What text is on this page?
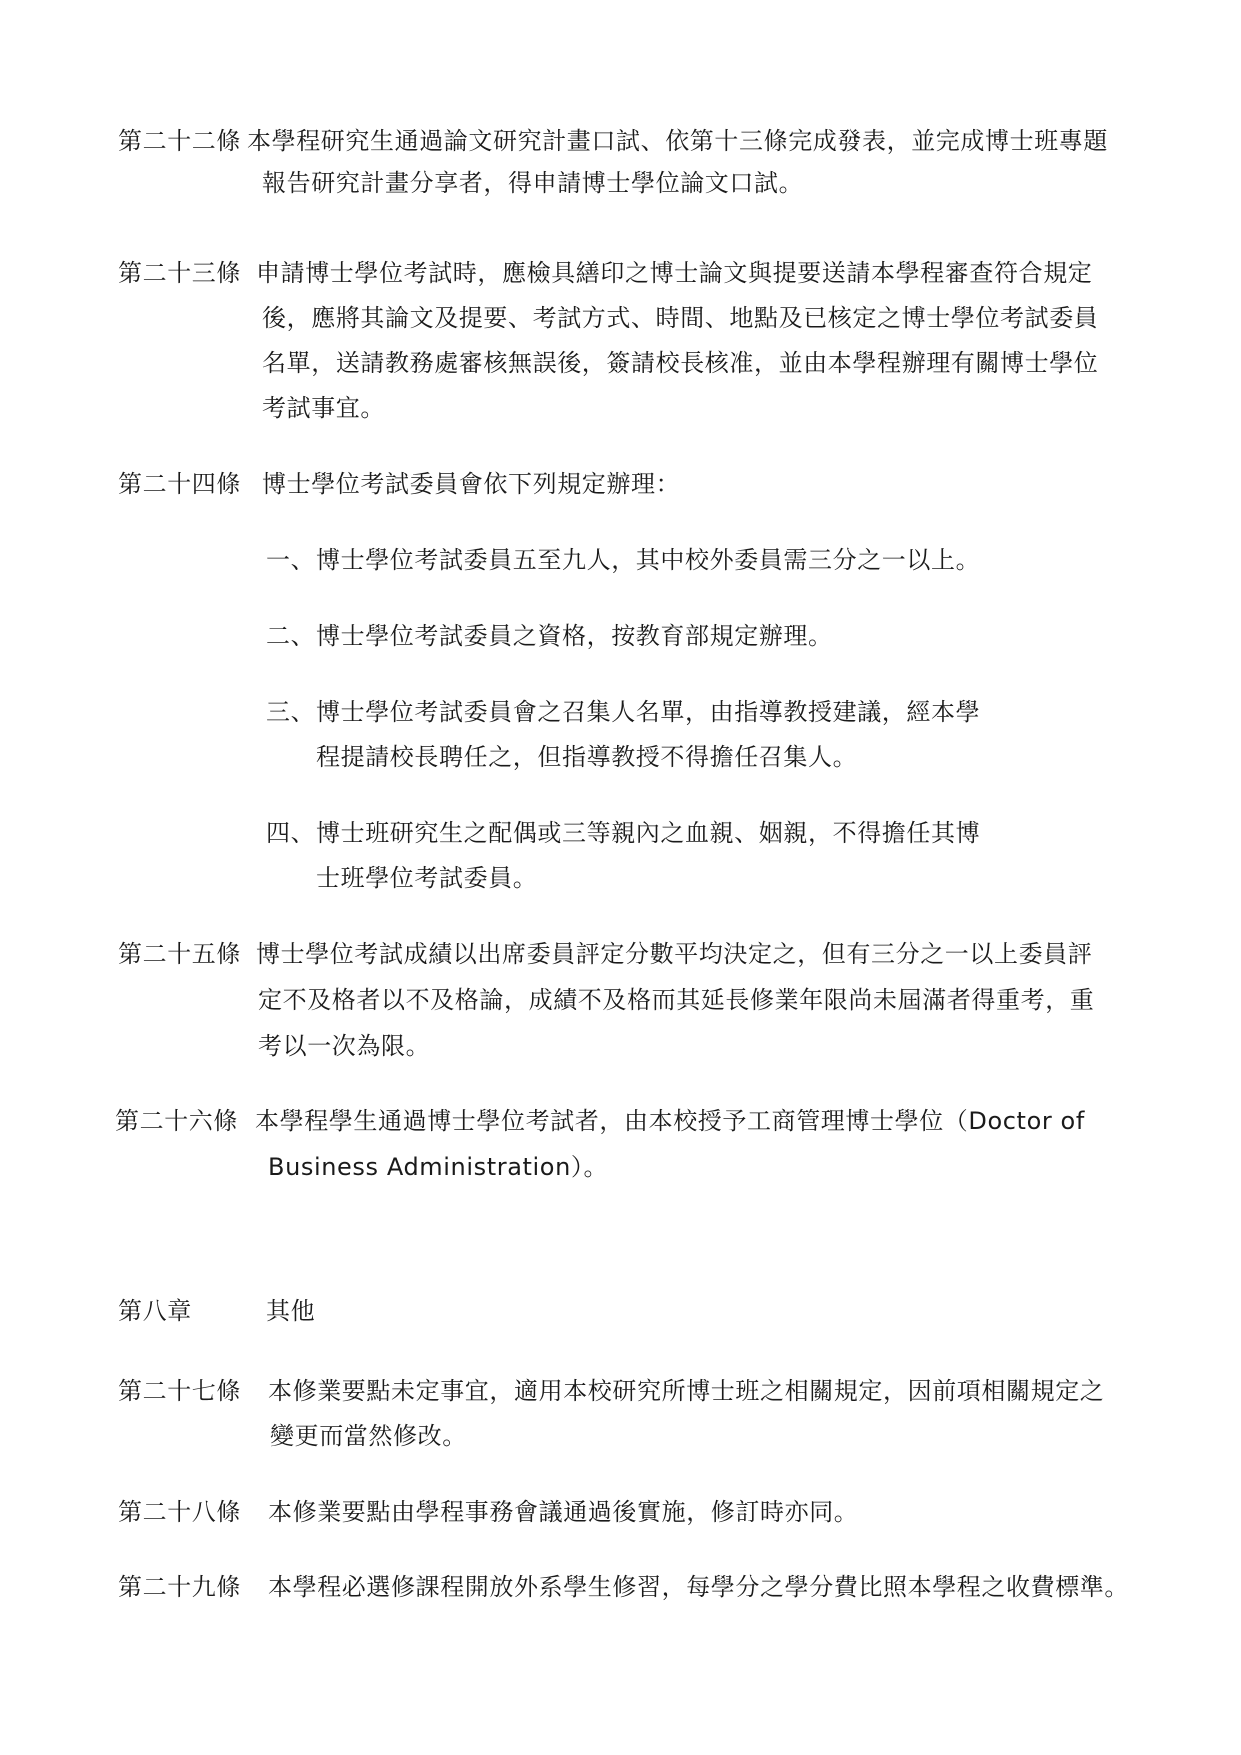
第二十二條 本學程研究生通過論文研究計畫口試、依第十三條完成發表，並完成博士班專題
報告研究計畫分享者，得申請博士學位論文口試。
第二十三條 申請博士學位考試時，應檢具繕印之博士論文與提要送請本學程審查符合規定
後，應將其論文及提要、考試方式、時間、地點及已核定之博士學位考試委員
名單，送請教務處審核無誤後，簽請校長核准，並由本學程辦理有關博士學位
考試事宜。
第二十四條 博士學位考試委員會依下列規定辦理：
一、 博士學位考試委員五至九人，其中校外委員需三分之一以上。
二、 博士學位考試委員之資格，按教育部規定辦理。
三、 博士學位考試委員會之召集人名單，由指導教授建議，經本學
程提請校長聘任之，但指導教授不得擔任召集人。
四、 博士班研究生之配偶或三等親內之血親、姻親，不得擔任其博
士班學位考試委員。
第二十五條 博士學位考試成績以出席委員評定分數平均決定之，但有三分之一以上委員評
定不及格者以不及格論，成績不及格而其延長修業年限尚未屆滿者得重考，重
考以一次為限。
第二十六條 本學程學生通過博士學位考試者，由本校授予工商管理博士學位（Doctor of
Business Administration）。
第八章	其他
第二十七條 本修業要點未定事宜，適用本校研究所博士班之相關規定，因前項相關規定之
變更而當然修改。
第二十八條 本修業要點由學程事務會議通過後實施，修訂時亦同。
第二十九條 本學程必選修課程開放外系學生修習，每學分之學分費比照本學程之收費標準。
